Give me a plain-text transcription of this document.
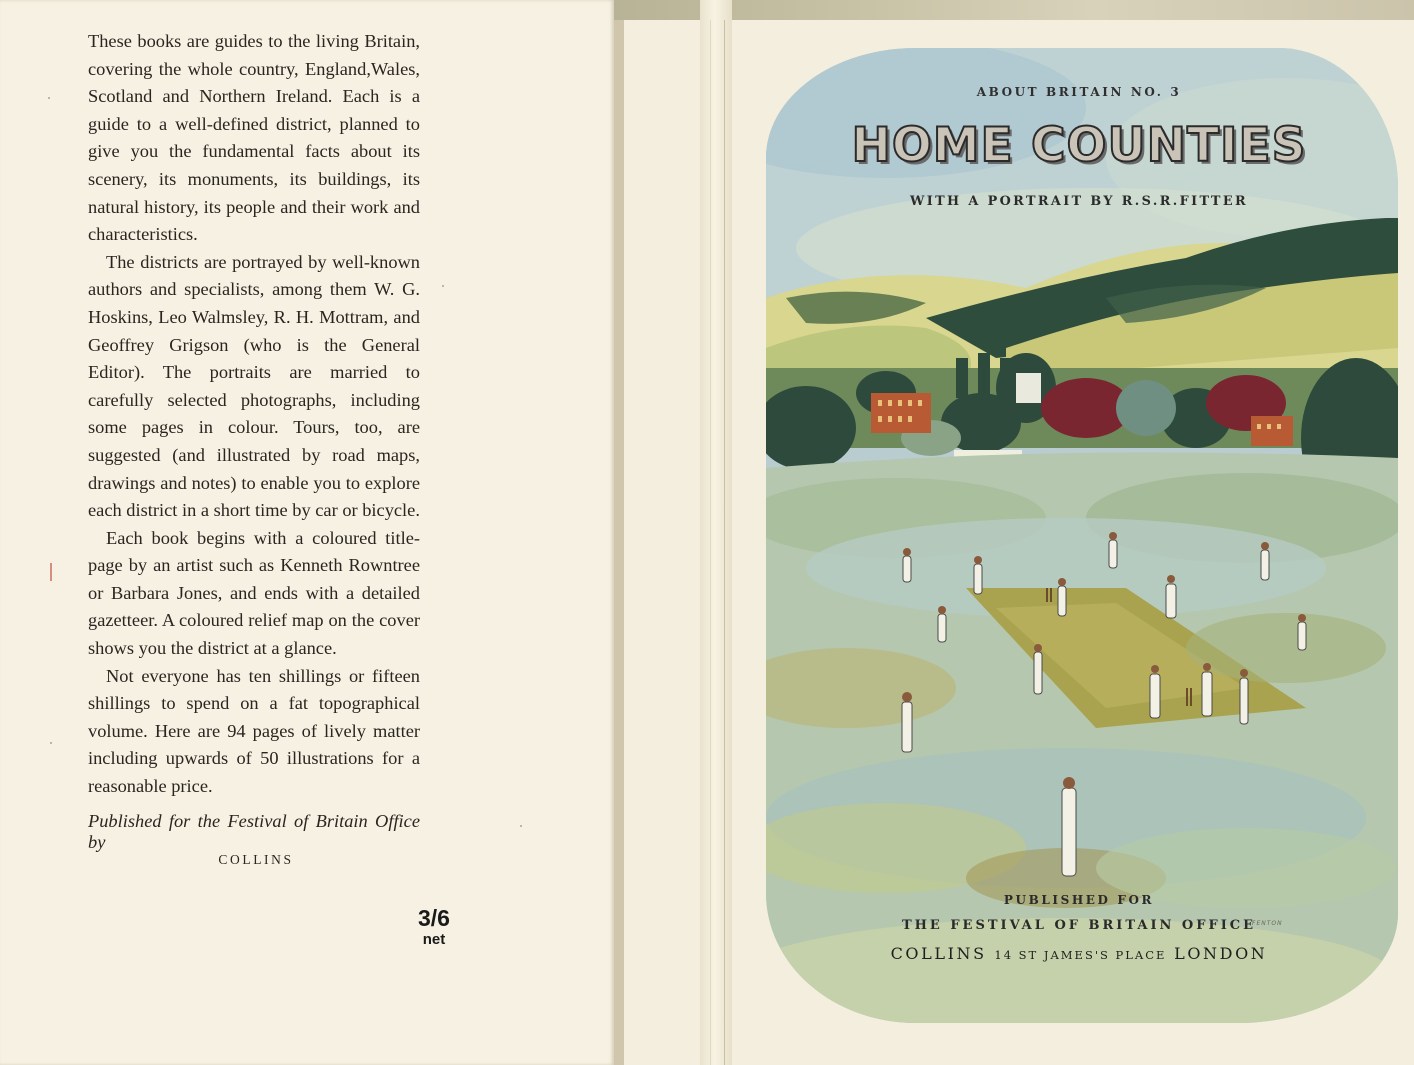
These books are guides to the living Britain, covering the whole country, England,Wales, Scotland and Northern Ireland. Each is a guide to a well-defined district, planned to give you the fundamental facts about its scenery, its monuments, its buildings, its natural history, its people and their work and characteristics.

The districts are portrayed by well-known authors and specialists, among them W. G. Hoskins, Leo Walmsley, R. H. Mottram, and Geoffrey Grigson (who is the General Editor). The portraits are married to carefully selected photographs, including some pages in colour. Tours, too, are suggested (and illustrated by road maps, drawings and notes) to enable you to explore each district in a short time by car or bicycle.

Each book begins with a coloured title-page by an artist such as Kenneth Rowntree or Barbara Jones, and ends with a detailed gazetteer. A coloured relief map on the cover shows you the district at a glance.

Not everyone has ten shillings or fifteen shillings to spend on a fat topographical volume. Here are 94 pages of lively matter including upwards of 50 illustrations for a reasonable price.

Published for the Festival of Britain Office by
COLLINS
3/6
net
ABOUT BRITAIN NO. 3
HOME COUNTIES
WITH A PORTRAIT BY R.S.R.FITTER
PUBLISHED FOR
THE FESTIVAL OF BRITAIN OFFICE
FENTON
COLLINS 14 ST JAMES'S PLACE LONDON
